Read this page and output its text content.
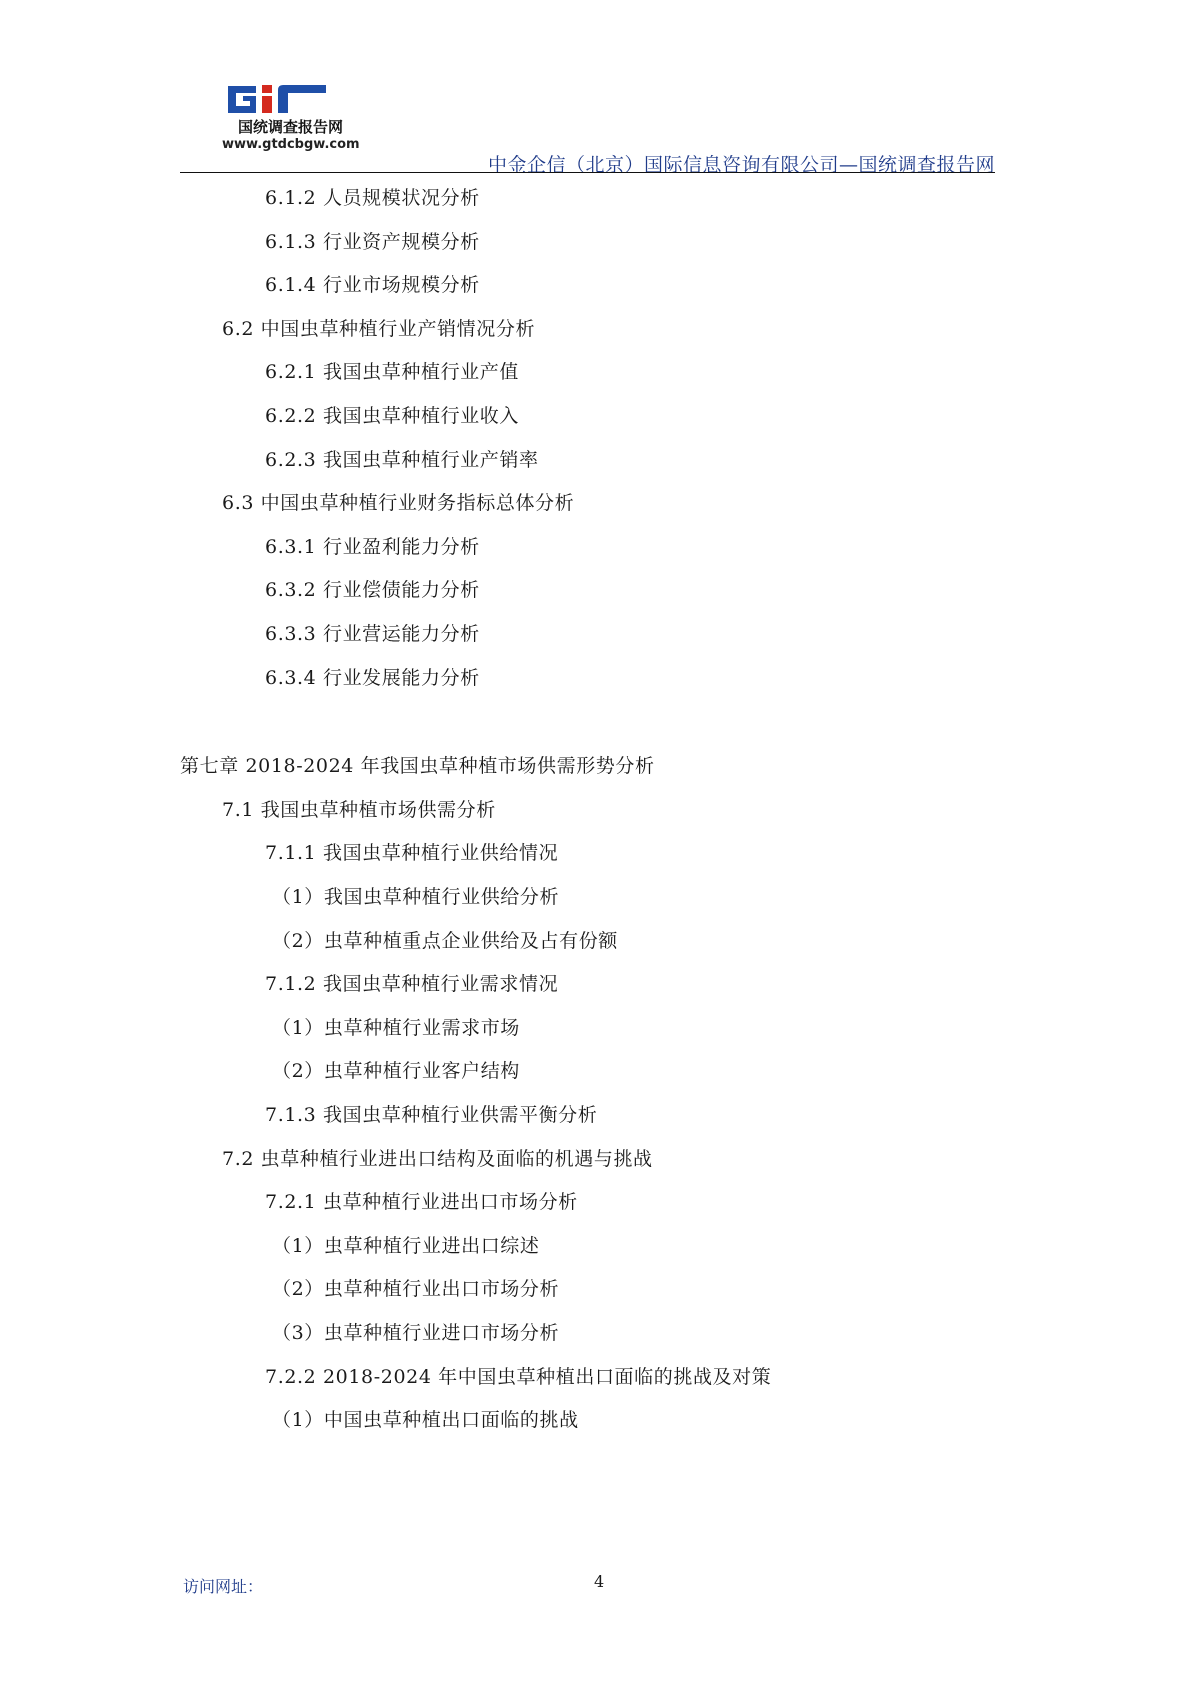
国统调查报告网
www.gtdcbgw.com
中金企信（北京）国际信息咨询有限公司—国统调查报告网
6.1.2 人员规模状况分析
6.1.3 行业资产规模分析
6.1.4 行业市场规模分析
6.2 中国虫草种植行业产销情况分析
6.2.1 我国虫草种植行业产值
6.2.2 我国虫草种植行业收入
6.2.3 我国虫草种植行业产销率
6.3 中国虫草种植行业财务指标总体分析
6.3.1 行业盈利能力分析
6.3.2 行业偿债能力分析
6.3.3 行业营运能力分析
6.3.4 行业发展能力分析
第七章 2018-2024 年我国虫草种植市场供需形势分析
7.1 我国虫草种植市场供需分析
7.1.1 我国虫草种植行业供给情况
（1）我国虫草种植行业供给分析
（2）虫草种植重点企业供给及占有份额
7.1.2 我国虫草种植行业需求情况
（1）虫草种植行业需求市场
（2）虫草种植行业客户结构
7.1.3 我国虫草种植行业供需平衡分析
7.2 虫草种植行业进出口结构及面临的机遇与挑战
7.2.1 虫草种植行业进出口市场分析
（1）虫草种植行业进出口综述
（2）虫草种植行业出口市场分析
（3）虫草种植行业进口市场分析
7.2.2 2018-2024 年中国虫草种植出口面临的挑战及对策
（1）中国虫草种植出口面临的挑战
访问网址：	4
